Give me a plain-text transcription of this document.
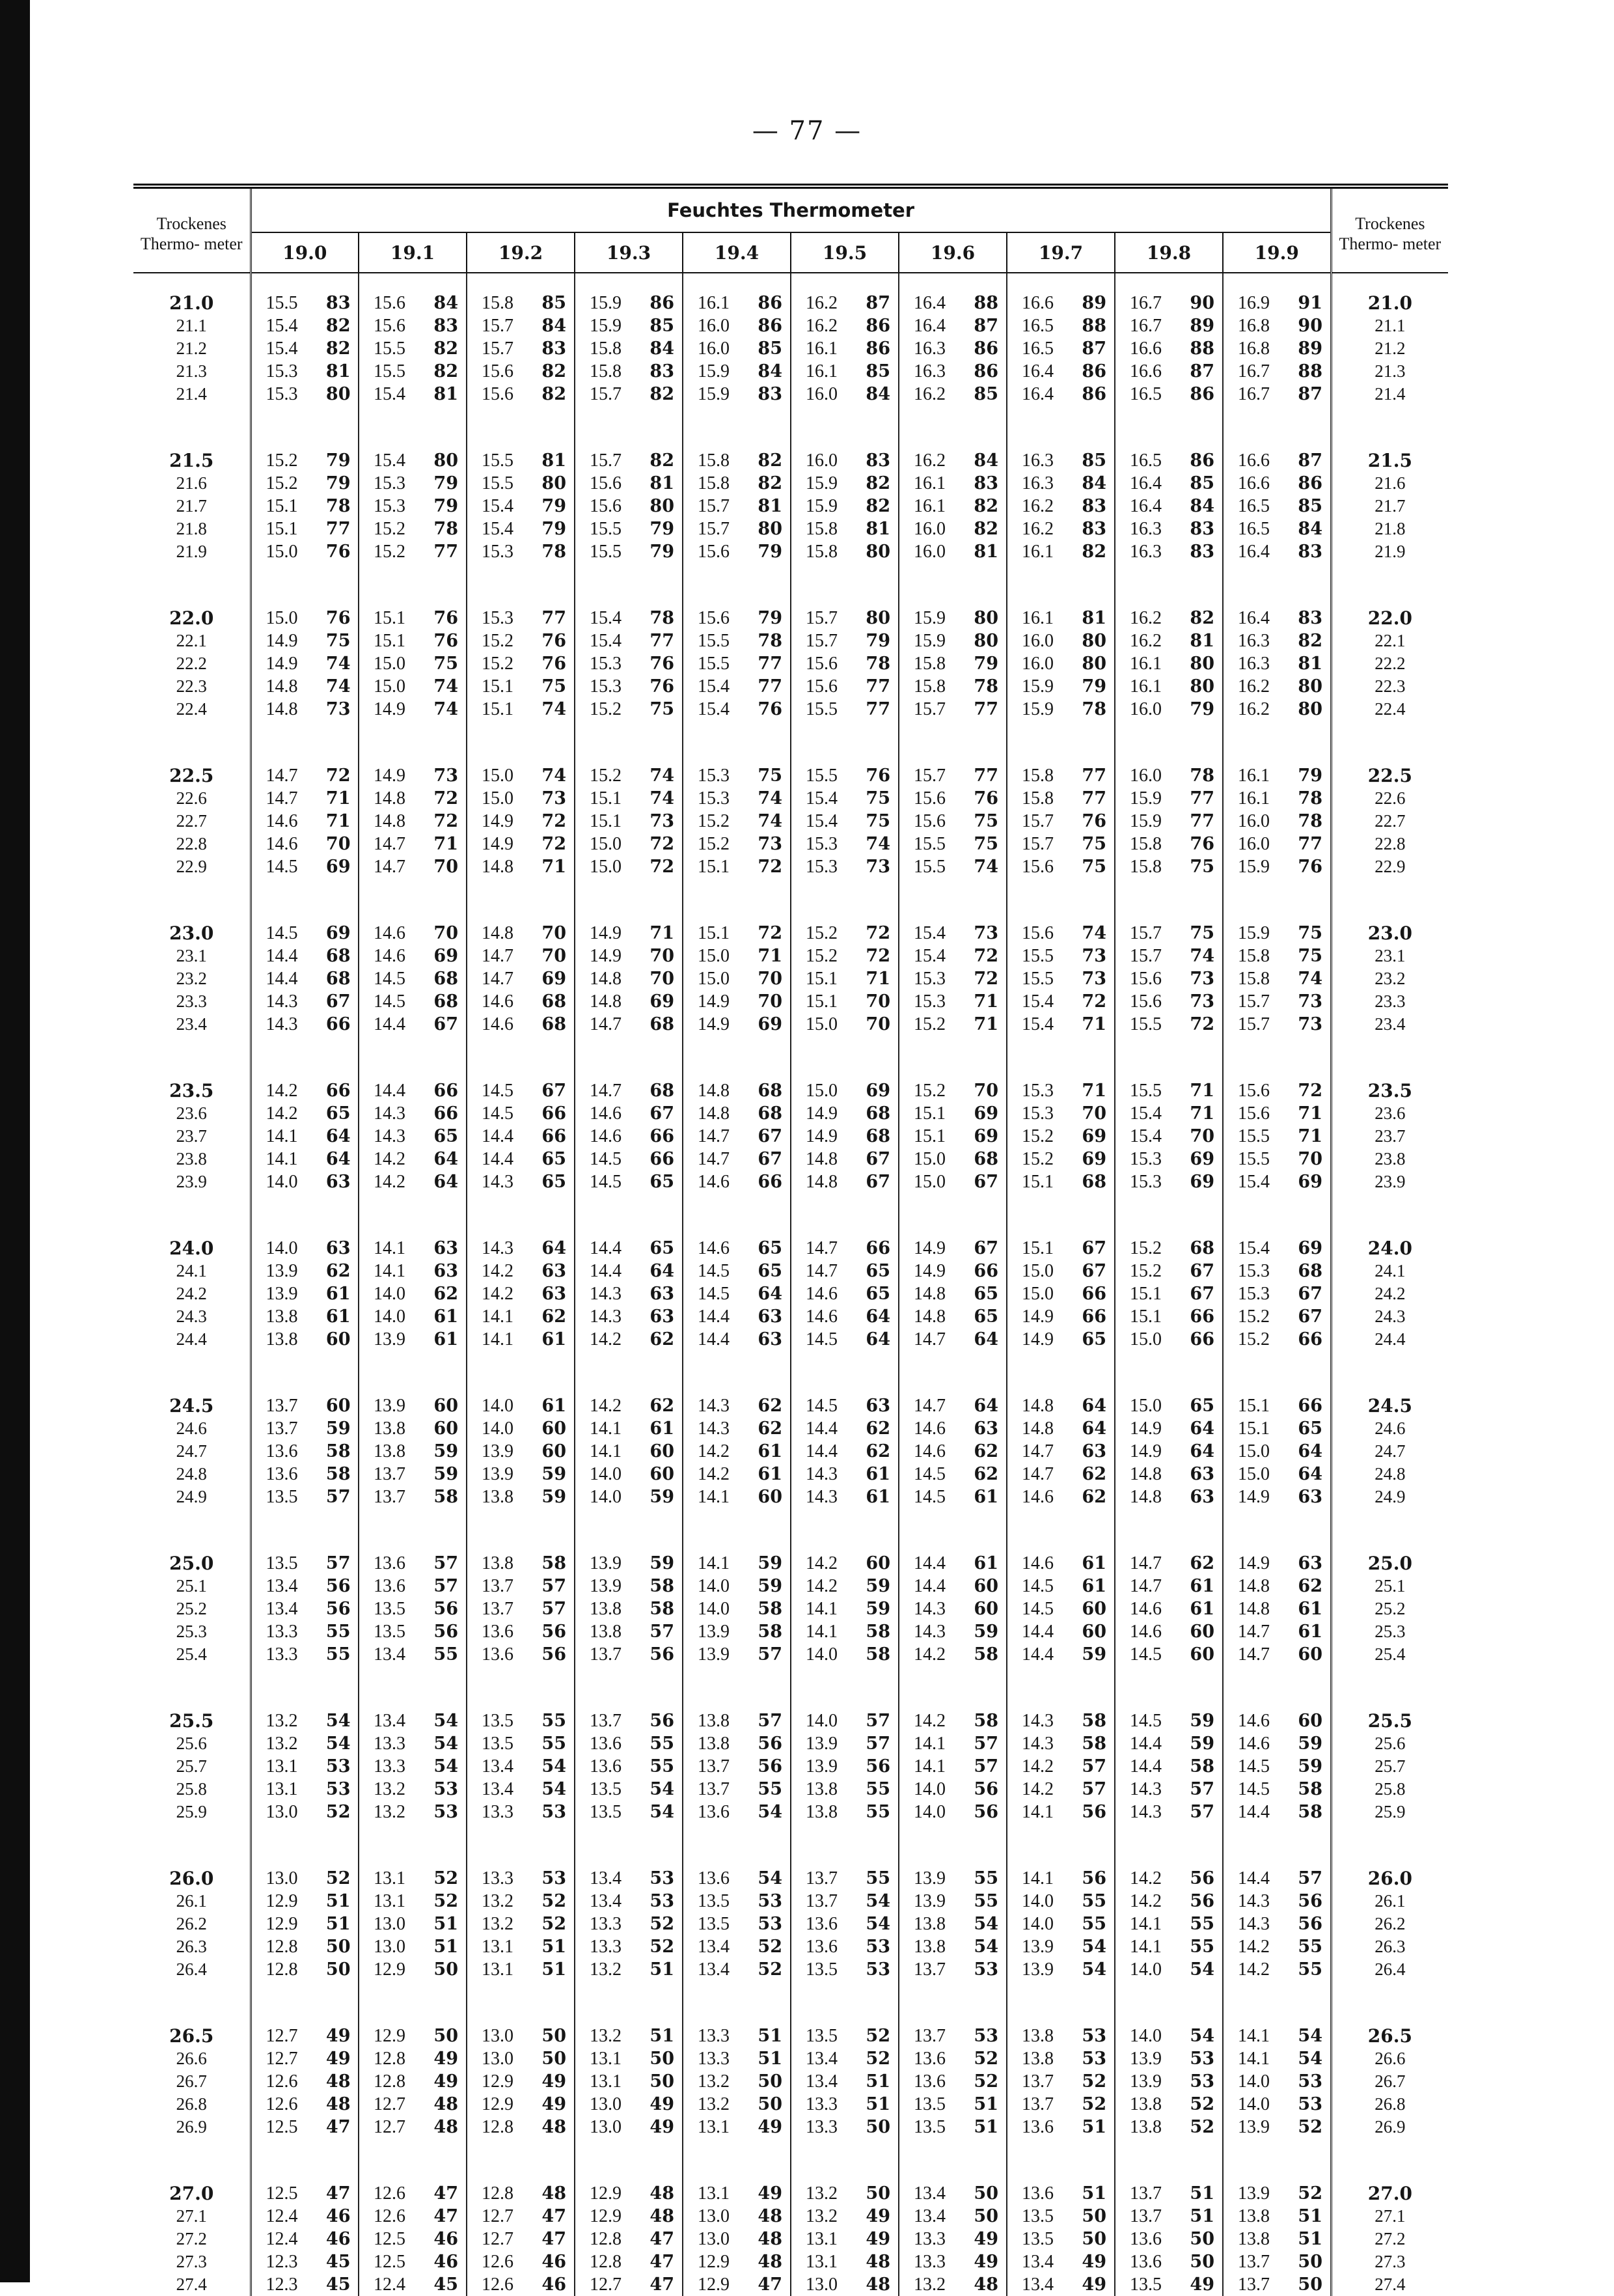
— 77 —
Trockenes Thermo- meter	Feuchtes Thermometer										Trockenes Thermo- meter
	19.0	19.1	19.2	19.3	19.4	19.5	19.6	19.7	19.8	19.9	

21.0	15.5 83	15.6 84	15.8 85	15.9 86	16.1 86	16.2 87	16.4 88	16.6 89	16.7 90	16.9 91	21.0
21.1	15.4 82	15.6 83	15.7 84	15.9 85	16.0 86	16.2 86	16.4 87	16.5 88	16.7 89	16.8 90	21.1
21.2	15.4 82	15.5 82	15.7 83	15.8 84	16.0 85	16.1 86	16.3 86	16.5 87	16.6 88	16.8 89	21.2
21.3	15.3 81	15.5 82	15.6 82	15.8 83	15.9 84	16.1 85	16.3 86	16.4 86	16.6 87	16.7 88	21.3
21.4	15.3 80	15.4 81	15.6 82	15.7 82	15.9 83	16.0 84	16.2 85	16.4 86	16.5 86	16.7 87	21.4

21.5	15.2 79	15.4 80	15.5 81	15.7 82	15.8 82	16.0 83	16.2 84	16.3 85	16.5 86	16.6 87	21.5
21.6	15.2 79	15.3 79	15.5 80	15.6 81	15.8 82	15.9 82	16.1 83	16.3 84	16.4 85	16.6 86	21.6
21.7	15.1 78	15.3 79	15.4 79	15.6 80	15.7 81	15.9 82	16.1 82	16.2 83	16.4 84	16.5 85	21.7
21.8	15.1 77	15.2 78	15.4 79	15.5 79	15.7 80	15.8 81	16.0 82	16.2 83	16.3 83	16.5 84	21.8
21.9	15.0 76	15.2 77	15.3 78	15.5 79	15.6 79	15.8 80	16.0 81	16.1 82	16.3 83	16.4 83	21.9

22.0	15.0 76	15.1 76	15.3 77	15.4 78	15.6 79	15.7 80	15.9 80	16.1 81	16.2 82	16.4 83	22.0
22.1	14.9 75	15.1 76	15.2 76	15.4 77	15.5 78	15.7 79	15.9 80	16.0 80	16.2 81	16.3 82	22.1
22.2	14.9 74	15.0 75	15.2 76	15.3 76	15.5 77	15.6 78	15.8 79	16.0 80	16.1 80	16.3 81	22.2
22.3	14.8 74	15.0 74	15.1 75	15.3 76	15.4 77	15.6 77	15.8 78	15.9 79	16.1 80	16.2 80	22.3
22.4	14.8 73	14.9 74	15.1 74	15.2 75	15.4 76	15.5 77	15.7 77	15.9 78	16.0 79	16.2 80	22.4

22.5	14.7 72	14.9 73	15.0 74	15.2 74	15.3 75	15.5 76	15.7 77	15.8 77	16.0 78	16.1 79	22.5
22.6	14.7 71	14.8 72	15.0 73	15.1 74	15.3 74	15.4 75	15.6 76	15.8 77	15.9 77	16.1 78	22.6
22.7	14.6 71	14.8 72	14.9 72	15.1 73	15.2 74	15.4 75	15.6 75	15.7 76	15.9 77	16.0 78	22.7
22.8	14.6 70	14.7 71	14.9 72	15.0 72	15.2 73	15.3 74	15.5 75	15.7 75	15.8 76	16.0 77	22.8
22.9	14.5 69	14.7 70	14.8 71	15.0 72	15.1 72	15.3 73	15.5 74	15.6 75	15.8 75	15.9 76	22.9

23.0	14.5 69	14.6 70	14.8 70	14.9 71	15.1 72	15.2 72	15.4 73	15.6 74	15.7 75	15.9 75	23.0
23.1	14.4 68	14.6 69	14.7 70	14.9 70	15.0 71	15.2 72	15.4 72	15.5 73	15.7 74	15.8 75	23.1
23.2	14.4 68	14.5 68	14.7 69	14.8 70	15.0 70	15.1 71	15.3 72	15.5 73	15.6 73	15.8 74	23.2
23.3	14.3 67	14.5 68	14.6 68	14.8 69	14.9 70	15.1 70	15.3 71	15.4 72	15.6 73	15.7 73	23.3
23.4	14.3 66	14.4 67	14.6 68	14.7 68	14.9 69	15.0 70	15.2 71	15.4 71	15.5 72	15.7 73	23.4

23.5	14.2 66	14.4 66	14.5 67	14.7 68	14.8 68	15.0 69	15.2 70	15.3 71	15.5 71	15.6 72	23.5
23.6	14.2 65	14.3 66	14.5 66	14.6 67	14.8 68	14.9 68	15.1 69	15.3 70	15.4 71	15.6 71	23.6
23.7	14.1 64	14.3 65	14.4 66	14.6 66	14.7 67	14.9 68	15.1 69	15.2 69	15.4 70	15.5 71	23.7
23.8	14.1 64	14.2 64	14.4 65	14.5 66	14.7 67	14.8 67	15.0 68	15.2 69	15.3 69	15.5 70	23.8
23.9	14.0 63	14.2 64	14.3 65	14.5 65	14.6 66	14.8 67	15.0 67	15.1 68	15.3 69	15.4 69	23.9

24.0	14.0 63	14.1 63	14.3 64	14.4 65	14.6 65	14.7 66	14.9 67	15.1 67	15.2 68	15.4 69	24.0
24.1	13.9 62	14.1 63	14.2 63	14.4 64	14.5 65	14.7 65	14.9 66	15.0 67	15.2 67	15.3 68	24.1
24.2	13.9 61	14.0 62	14.2 63	14.3 63	14.5 64	14.6 65	14.8 65	15.0 66	15.1 67	15.3 67	24.2
24.3	13.8 61	14.0 61	14.1 62	14.3 63	14.4 63	14.6 64	14.8 65	14.9 66	15.1 66	15.2 67	24.3
24.4	13.8 60	13.9 61	14.1 61	14.2 62	14.4 63	14.5 64	14.7 64	14.9 65	15.0 66	15.2 66	24.4

24.5	13.7 60	13.9 60	14.0 61	14.2 62	14.3 62	14.5 63	14.7 64	14.8 64	15.0 65	15.1 66	24.5
24.6	13.7 59	13.8 60	14.0 60	14.1 61	14.3 62	14.4 62	14.6 63	14.8 64	14.9 64	15.1 65	24.6
24.7	13.6 58	13.8 59	13.9 60	14.1 60	14.2 61	14.4 62	14.6 62	14.7 63	14.9 64	15.0 64	24.7
24.8	13.6 58	13.7 59	13.9 59	14.0 60	14.2 61	14.3 61	14.5 62	14.7 62	14.8 63	15.0 64	24.8
24.9	13.5 57	13.7 58	13.8 59	14.0 59	14.1 60	14.3 61	14.5 61	14.6 62	14.8 63	14.9 63	24.9

25.0	13.5 57	13.6 57	13.8 58	13.9 59	14.1 59	14.2 60	14.4 61	14.6 61	14.7 62	14.9 63	25.0
25.1	13.4 56	13.6 57	13.7 57	13.9 58	14.0 59	14.2 59	14.4 60	14.5 61	14.7 61	14.8 62	25.1
25.2	13.4 56	13.5 56	13.7 57	13.8 58	14.0 58	14.1 59	14.3 60	14.5 60	14.6 61	14.8 61	25.2
25.3	13.3 55	13.5 56	13.6 56	13.8 57	13.9 58	14.1 58	14.3 59	14.4 60	14.6 60	14.7 61	25.3
25.4	13.3 55	13.4 55	13.6 56	13.7 56	13.9 57	14.0 58	14.2 58	14.4 59	14.5 60	14.7 60	25.4

25.5	13.2 54	13.4 54	13.5 55	13.7 56	13.8 57	14.0 57	14.2 58	14.3 58	14.5 59	14.6 60	25.5
25.6	13.2 54	13.3 54	13.5 55	13.6 55	13.8 56	13.9 57	14.1 57	14.3 58	14.4 59	14.6 59	25.6
25.7	13.1 53	13.3 54	13.4 54	13.6 55	13.7 56	13.9 56	14.1 57	14.2 57	14.4 58	14.5 59	25.7
25.8	13.1 53	13.2 53	13.4 54	13.5 54	13.7 55	13.8 55	14.0 56	14.2 57	14.3 57	14.5 58	25.8
25.9	13.0 52	13.2 53	13.3 53	13.5 54	13.6 54	13.8 55	14.0 56	14.1 56	14.3 57	14.4 58	25.9

26.0	13.0 52	13.1 52	13.3 53	13.4 53	13.6 54	13.7 55	13.9 55	14.1 56	14.2 56	14.4 57	26.0
26.1	12.9 51	13.1 52	13.2 52	13.4 53	13.5 53	13.7 54	13.9 55	14.0 55	14.2 56	14.3 56	26.1
26.2	12.9 51	13.0 51	13.2 52	13.3 52	13.5 53	13.6 54	13.8 54	14.0 55	14.1 55	14.3 56	26.2
26.3	12.8 50	13.0 51	13.1 51	13.3 52	13.4 52	13.6 53	13.8 54	13.9 54	14.1 55	14.2 55	26.3
26.4	12.8 50	12.9 50	13.1 51	13.2 51	13.4 52	13.5 53	13.7 53	13.9 54	14.0 54	14.2 55	26.4

26.5	12.7 49	12.9 50	13.0 50	13.2 51	13.3 51	13.5 52	13.7 53	13.8 53	14.0 54	14.1 54	26.5
26.6	12.7 49	12.8 49	13.0 50	13.1 50	13.3 51	13.4 52	13.6 52	13.8 53	13.9 53	14.1 54	26.6
26.7	12.6 48	12.8 49	12.9 49	13.1 50	13.2 50	13.4 51	13.6 52	13.7 52	13.9 53	14.0 53	26.7
26.8	12.6 48	12.7 48	12.9 49	13.0 49	13.2 50	13.3 51	13.5 51	13.7 52	13.8 52	14.0 53	26.8
26.9	12.5 47	12.7 48	12.8 48	13.0 49	13.1 49	13.3 50	13.5 51	13.6 51	13.8 52	13.9 52	26.9

27.0	12.5 47	12.6 47	12.8 48	12.9 48	13.1 49	13.2 50	13.4 50	13.6 51	13.7 51	13.9 52	27.0
27.1	12.4 46	12.6 47	12.7 47	12.9 48	13.0 48	13.2 49	13.4 50	13.5 50	13.7 51	13.8 51	27.1
27.2	12.4 46	12.5 46	12.7 47	12.8 47	13.0 48	13.1 49	13.3 49	13.5 50	13.6 50	13.8 51	27.2
27.3	12.3 45	12.5 46	12.6 46	12.8 47	12.9 48	13.1 48	13.3 49	13.4 49	13.6 50	13.7 50	27.3
27.4	12.3 45	12.4 45	12.6 46	12.7 47	12.9 47	13.0 48	13.2 48	13.4 49	13.5 49	13.7 50	27.4
